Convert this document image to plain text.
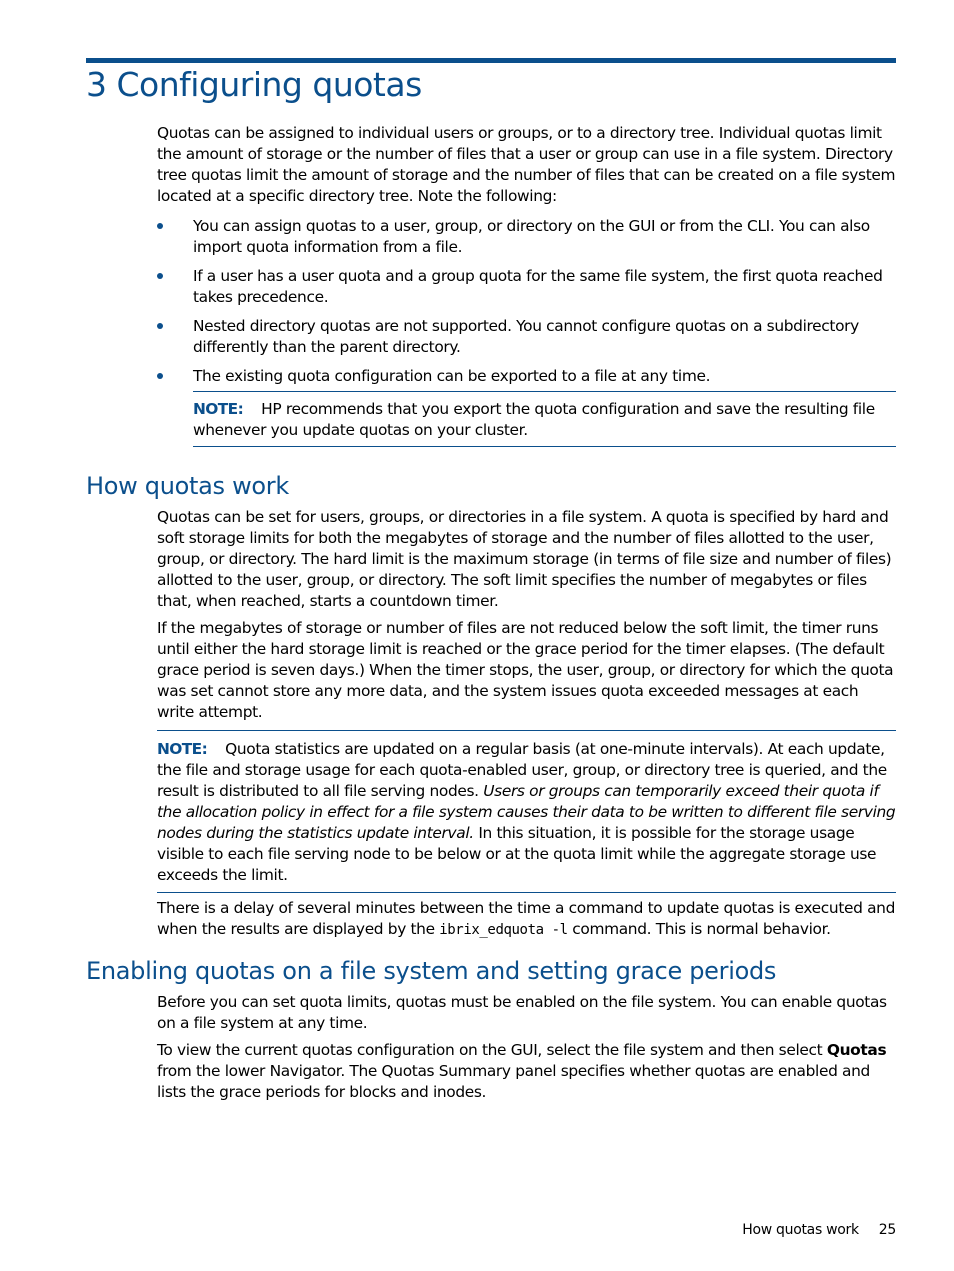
3 Configuring quotas

Quotas can be assigned to individual users or groups, or to a directory tree. Individual quotas limit the amount of storage or the number of files that a user or group can use in a file system. Directory tree quotas limit the amount of storage and the number of files that can be created on a file system located at a specific directory tree. Note the following:

You can assign quotas to a user, group, or directory on the GUI or from the CLI. You can also import quota information from a file.
If a user has a user quota and a group quota for the same file system, the first quota reached takes precedence.
Nested directory quotas are not supported. You cannot configure quotas on a subdirectory differently than the parent directory.
The existing quota configuration can be exported to a file at any time.
NOTE: HP recommends that you export the quota configuration and save the resulting file whenever you update quotas on your cluster.
How quotas work

Quotas can be set for users, groups, or directories in a file system. A quota is specified by hard and soft storage limits for both the megabytes of storage and the number of files allotted to the user, group, or directory. The hard limit is the maximum storage (in terms of file size and number of files) allotted to the user, group, or directory. The soft limit specifies the number of megabytes or files that, when reached, starts a countdown timer.

If the megabytes of storage or number of files are not reduced below the soft limit, the timer runs until either the hard storage limit is reached or the grace period for the timer elapses. (The default grace period is seven days.) When the timer stops, the user, group, or directory for which the quota was set cannot store any more data, and the system issues quota exceeded messages at each write attempt.

NOTE: Quota statistics are updated on a regular basis (at one-minute intervals). At each update, the file and storage usage for each quota-enabled user, group, or directory tree is queried, and the result is distributed to all file serving nodes. Users or groups can temporarily exceed their quota if the allocation policy in effect for a file system causes their data to be written to different file serving nodes during the statistics update interval. In this situation, it is possible for the storage usage visible to each file serving node to be below or at the quota limit while the aggregate storage use exceeds the limit.

There is a delay of several minutes between the time a command to update quotas is executed and when the results are displayed by the ibrix_edquota -l command. This is normal behavior.

Enabling quotas on a file system and setting grace periods

Before you can set quota limits, quotas must be enabled on the file system. You can enable quotas on a file system at any time.

To view the current quotas configuration on the GUI, select the file system and then select Quotas from the lower Navigator. The Quotas Summary panel specifies whether quotas are enabled and lists the grace periods for blocks and inodes.

How quotas work 25
